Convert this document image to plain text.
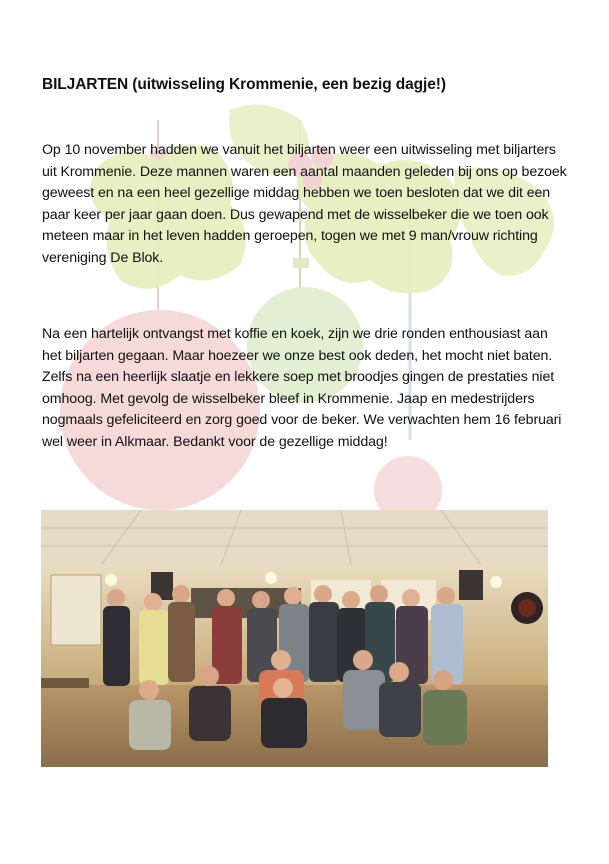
BILJARTEN (uitwisseling Krommenie, een bezig dagje!)

Op 10 november hadden we vanuit het biljarten weer een uitwisseling met biljarters uit Krommenie. Deze mannen waren een aantal maanden geleden bij ons op bezoek geweest en na een heel gezellige middag hebben we toen besloten dat we dit een paar keer per jaar gaan doen. Dus gewapend met de wisselbeker die we toen ook meteen maar in het leven hadden geroepen, togen we met 9 man/vrouw richting vereniging De Blok.

Na een hartelijk ontvangst met koffie en koek, zijn we drie ronden enthousiast aan het biljarten gegaan. Maar hoezeer we onze best ook deden, het mocht niet baten. Zelfs na een heerlijk slaatje en lekkere soep met broodjes gingen de prestaties niet omhoog. Met gevolg de wisselbeker bleef in Krommenie. Jaap en medestrijders nogmaals gefeliciteerd en zorg goed voor de beker. We verwachten hem 16 februari wel weer in Alkmaar. Bedankt voor de gezellige middag!
